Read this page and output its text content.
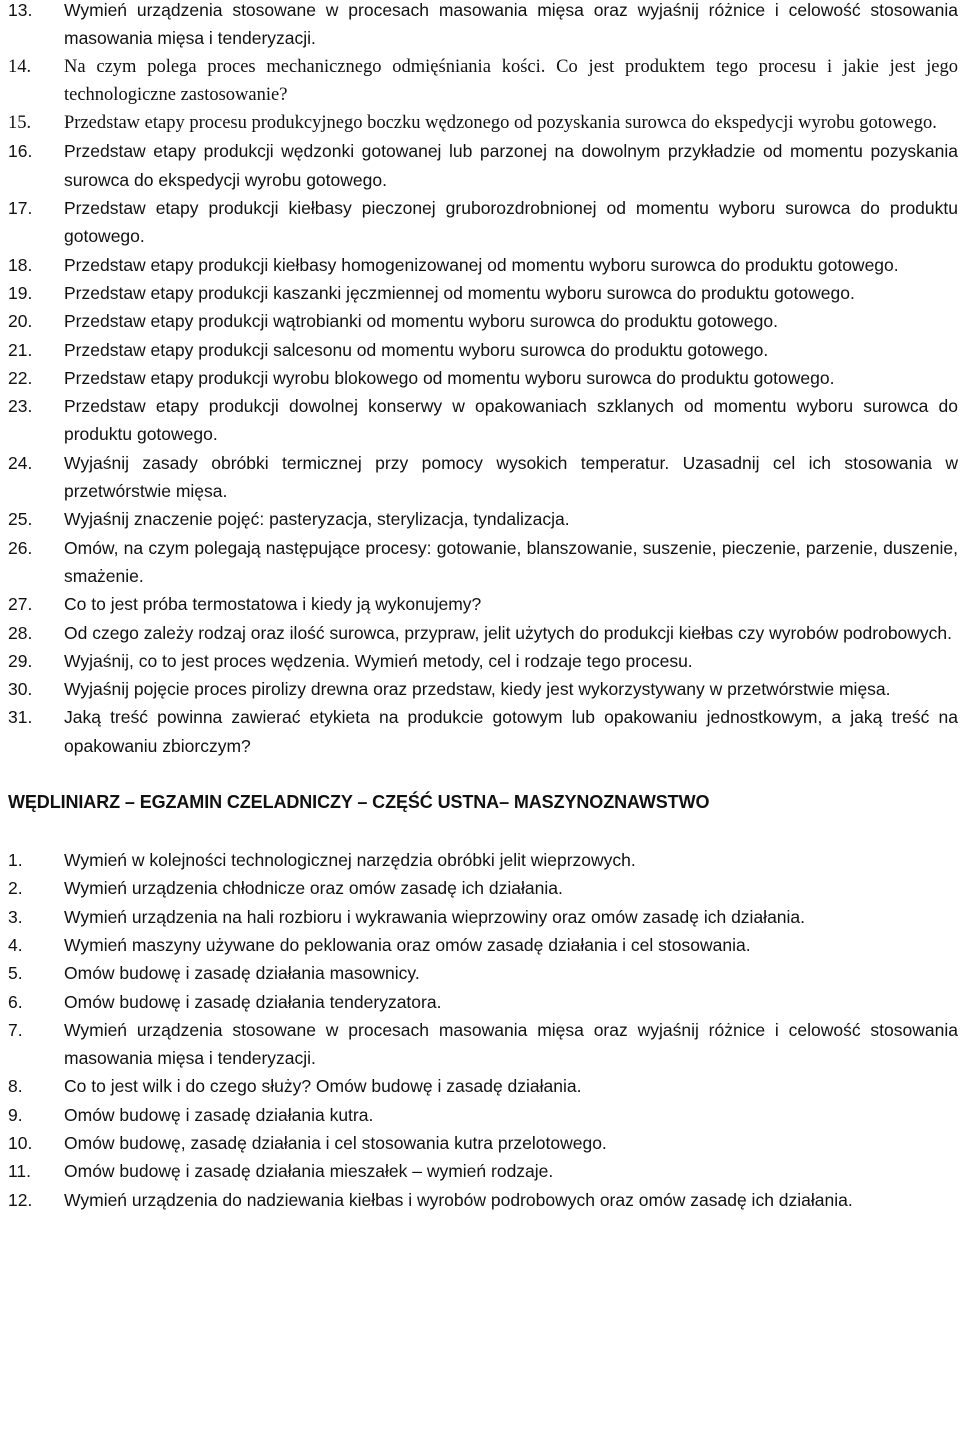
13.	Wymień urządzenia stosowane w procesach masowania mięsa oraz wyjaśnij różnice i celowość stosowania masowania mięsa i tenderyzacji.
14.	Na czym polega proces mechanicznego odmięśniania kości. Co jest produktem tego procesu i jakie jest jego technologiczne zastosowanie?
15.	Przedstaw etapy procesu produkcyjnego boczku wędzonego od pozyskania surowca do ekspedycji wyrobu gotowego.
16.	Przedstaw etapy produkcji wędzonki gotowanej lub parzonej na dowolnym przykładzie od momentu pozyskania surowca do ekspedycji wyrobu gotowego.
17.	Przedstaw etapy produkcji kiełbasy pieczonej gruborozdrobnionej od momentu wyboru surowca do produktu gotowego.
18.	Przedstaw etapy produkcji kiełbasy homogenizowanej od momentu wyboru surowca do produktu gotowego.
19.	Przedstaw etapy produkcji kaszanki jęczmiennej od momentu wyboru surowca do produktu gotowego.
20.	Przedstaw etapy produkcji wątrobianki od momentu wyboru surowca do produktu gotowego.
21.	Przedstaw etapy produkcji salcesonu od momentu wyboru surowca do produktu gotowego.
22.	Przedstaw etapy produkcji wyrobu blokowego od momentu wyboru surowca do produktu gotowego.
23.	Przedstaw etapy produkcji dowolnej konserwy w opakowaniach szklanych od momentu wyboru surowca do produktu gotowego.
24.	Wyjaśnij zasady obróbki termicznej przy pomocy wysokich temperatur. Uzasadnij cel ich stosowania w przetwórstwie mięsa.
25.	Wyjaśnij znaczenie pojęć: pasteryzacja, sterylizacja, tyndalizacja.
26.	Omów, na czym polegają następujące procesy: gotowanie, blanszowanie, suszenie, pieczenie, parzenie, duszenie, smażenie.
27.	Co to jest próba termostatowa i kiedy ją wykonujemy?
28.	Od czego zależy rodzaj oraz ilość surowca, przypraw, jelit użytych do produkcji kiełbas czy wyrobów podrobowych.
29.	Wyjaśnij, co to jest proces wędzenia. Wymień metody, cel i rodzaje tego procesu.
30.	Wyjaśnij pojęcie proces pirolizy drewna oraz przedstaw, kiedy jest wykorzystywany w przetwórstwie mięsa.
31.	Jaką treść powinna zawierać etykieta na produkcie gotowym lub opakowaniu jednostkowym, a jaką treść na opakowaniu zbiorczym?
WĘDLINIARZ – EGZAMIN CZELADNICZY – CZĘŚĆ USTNA– MASZYNOZNAWSTWO
1.	Wymień w kolejności technologicznej narzędzia obróbki jelit wieprzowych.
2.	Wymień urządzenia chłodnicze oraz omów zasadę ich działania.
3.	Wymień urządzenia na hali rozbioru i wykrawania wieprzowiny oraz omów zasadę ich działania.
4.	Wymień maszyny używane do peklowania oraz omów zasadę działania i cel stosowania.
5.	Omów budowę i zasadę działania masownicy.
6.	Omów budowę i zasadę działania tenderyzatora.
7.	Wymień urządzenia stosowane w procesach masowania mięsa oraz wyjaśnij różnice i celowość stosowania masowania mięsa i tenderyzacji.
8.	Co to jest wilk i do czego służy? Omów budowę i zasadę działania.
9.	Omów budowę i zasadę działania kutra.
10.	Omów budowę, zasadę działania i cel stosowania kutra przelotowego.
11.	Omów budowę i zasadę działania mieszałek – wymień rodzaje.
12.	Wymień urządzenia do nadziewania kiełbas i wyrobów podrobowych oraz omów zasadę ich działania.
